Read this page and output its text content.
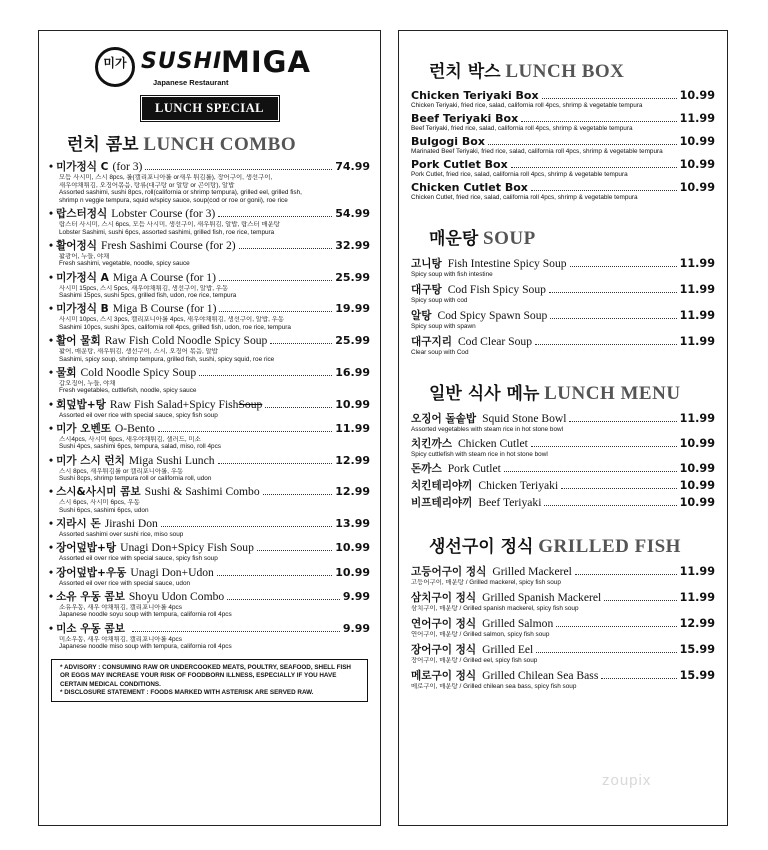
미가 SUSHI
MIGA
Japanese Restaurant
LUNCH SPECIAL
런치 콤보 LUNCH COMBO
• 미가정식 C (for 3)	74.99
모듬 사시미, 스시 8pcs, 롤(캘리포니아롤 or새우 튀김롤), 장어구이, 생선구이,
새우야채튀김, 오징어볶음, 탕류(대구탕 or 알탕 or 곤이탕), 알밥
Assorted sashimi, sushi 8pcs, roll(california or shrimp tempura), grilled eel, grilled fish,
shrimp n veggie tempura, squid w/spicy sauce, soup(cod or roe or gonii), roe rice
• 랍스터정식 Lobster Course (for 3)	54.99
랍스터 사시미, 스시 6pcs, 모듬 사시미, 생선구이, 새우튀김, 알밥, 랍스터 매운탕
Lobster Sashimi, sushi 6pcs, assorted sashimi, grilled fish, roe rice, tempura
• 활어정식 Fresh Sashimi Course (for 2)	32.99
활광어, 누들, 야채
Fresh sashimi, vegetable, noodle, spicy sauce
• 미가정식 A Miga A Course (for 1)	25.99
사시미 15pcs, 스시 5pcs, 새우야채튀김, 생선구이, 알밥, 우동
Sashimi 15pcs, sushi 5pcs, grilled fish, udon, roe rice, tempura
• 미가정식 B Miga B Course (for 1)	19.99
사시미 10pcs, 스시 3pcs, 캘리포니아롤 4pcs, 새우야채튀김, 생선구이, 알밥, 우동
Sashimi 10pcs, sushi 3pcs, california roll 4pcs, grilled fish, udon, roe rice, tempura
• 활어 물회 Raw Fish Cold Noodle Spicy Soup	25.99
활어, 매운탕, 새우튀김, 생선구이, 스시, 오징어 볶음, 알밥
Sashimi, spicy soup, shrimp tempura, grilled fish, sushi, spicy squid, roe rice
• 물회 Cold Noodle Spicy Soup	16.99
갑오징어, 누들, 야채
Fresh vegetables, cuttlefish, noodle, spicy sauce
• 회덮밥+탕 Raw Fish Salad+Spicy Fish Soup	10.99
Assorted eil over rice with special sauce, spicy fish soup
• 미가 오벤또 O-Bento	11.99
스시4pcs, 사시미 6pcs, 새우야채튀김, 샐러드, 미소
Sushi 4pcs, sashimi 6pcs, tempura, salad, miso, roll 4pcs
• 미가 스시 런치 Miga Sushi Lunch	12.99
스시 8pcs, 새우튀김롤 or 캘리포니아롤, 우동
Sushi 8cps, shrimp tempura roll or california roll, udon
• 스시&사시미 콤보 Sushi & Sashimi Combo	12.99
스시 6pcs, 사시미 6pcs, 우동
Sushi 6pcs, sashimi 6pcs, udon
• 지라시 돈 Jirashi Don	13.99
Assorted sashimi over sushi rice, miso soup
• 장어덮밥+탕 Unagi Don+Spicy Fish Soup	10.99
Assorted eil over rice with special sauce, spicy fish soup
• 장어덮밥+우동 Unagi Don+Udon	10.99
Assorted eil over rice with special sauce, udon
• 소유 우동 콤보 Shoyu Udon Combo	9.99
소유우동, 새우 야채튀김, 캘리포니아롤 4pcs
Japanese noodle soyu soup with tempura, california roll 4pcs
• 미소 우동 콤보	9.99
미소우동, 새우 야채튀김, 캘리포니아롤 4pcs
Japanese noodle miso soup with tempura, california roll 4pcs
* ADVISORY : CONSUMING RAW OR UNDERCOOKED MEATS, POULTRY, SEAFOOD, SHELL FISH OR EGGS MAY INCREASE YOUR RISK OF FOODBORN ILLNESS, ESPECIALLY IF YOU HAVE CERTAIN MEDICAL CONDITIONS.
* DISCLOSURE STATEMENT : FOODS MARKED WITH ASTERISK ARE SERVED RAW.
런치 박스 LUNCH BOX
Chicken Teriyaki Box	10.99
Chicken Teriyaki, fried rice, salad, california roll 4pcs, shrimp & vegetable tempura
Beef Teriyaki Box	11.99
Beef Teriyaki, fried rice, salad, california roll 4pcs, shrimp & vegetable tempura
Bulgogi Box	10.99
Marinated Beef Teriyaki, fried rice, salad, california roll 4pcs, shrimp & vegetable tempura
Pork Cutlet Box	10.99
Pork Cutlet, fried rice, salad, california roll 4pcs, shrimp & vegetable tempura
Chicken Cutlet Box	10.99
Chicken Cutlet, fried rice, salad, california roll 4pcs, shrimp & vegetable tempura
매운탕 SOUP
고니탕 Fish Intestine Spicy Soup	11.99
Spicy soup with fish intestine
대구탕 Cod Fish Spicy Soup	11.99
Spicy soup with cod
알탕 Cod Spicy Spawn Soup	11.99
Spicy soup with spawn
대구지리 Cod Clear Soup	11.99
Clear soup with Cod
일반 식사 메뉴 LUNCH MENU
오징어 돌솥밥 Squid Stone Bowl	11.99
Assorted vegetables with steam rice in hot stone bowl
치킨까스 Chicken Cutlet	10.99
Spicy cuttlefish with steam rice in hot stone bowl
돈까스 Pork Cutlet	10.99
치킨테리야끼 Chicken Teriyaki	10.99
비프테리야끼 Beef Teriyaki	10.99
생선구이 정식 GRILLED FISH
고등어구이 정식 Grilled Mackerel	11.99
고등어구이, 매운탕 / Grilled mackerel, spicy fish soup
삼치구이 정식 Grilled Spanish Mackerel	11.99
삼치구이, 매운탕 / Grilled spanish mackerel, spicy fish soup
연어구이 정식 Grilled Salmon	12.99
연어구이, 매운탕 / Grilled salmon, spicy fish soup
장어구이 정식 Grilled Eel	15.99
장어구이, 매운탕 / Grilled eel, spicy fish soup
메로구이 정식 Grilled Chilean Sea Bass	15.99
메로구이, 매운탕 / Grilled chilean sea bass, spicy fish soup
zoupix
